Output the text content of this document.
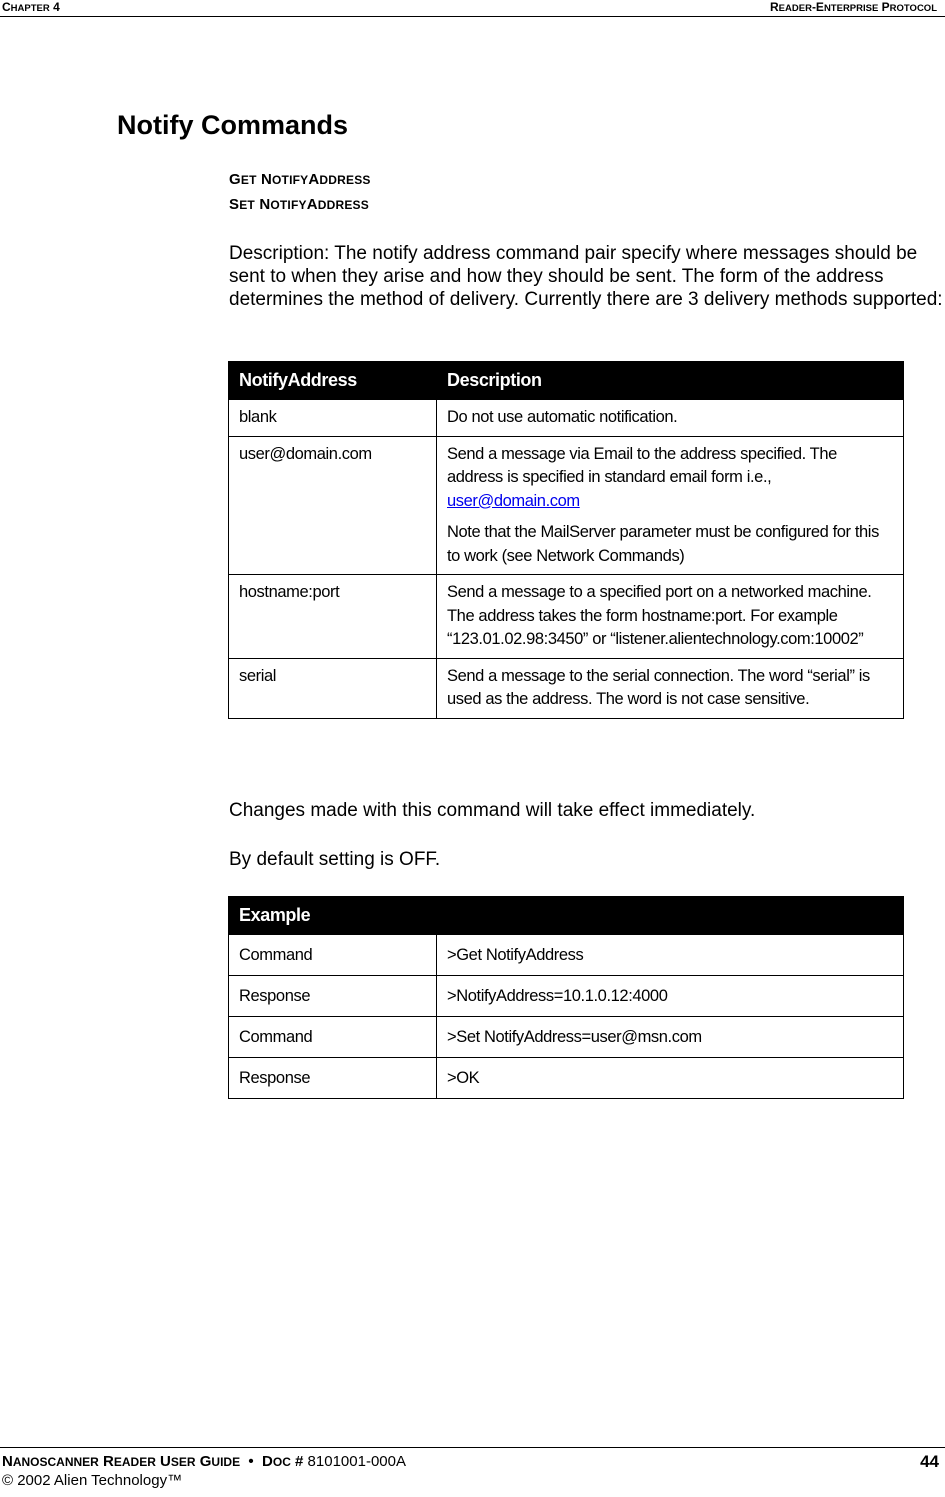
CHAPTER 4	READER-ENTERPRISE PROTOCOL
Notify Commands
GET NOTIFYADDRESS
SET NOTIFYADDRESS

Description: The notify address command pair specify where messages should be sent to when they arise and how they should be sent. The form of the address determines the method of delivery. Currently there are 3 delivery methods supported:

NotifyAddress	Description

blank	Do not use automatic notification.

user@domain.com	Send a message via Email to the address specified. The address is specified in standard email form i.e., user@domain.com

Note that the MailServer parameter must be configured for this to work (see Network Commands)

hostname:port	Send a message to a specified port on a networked machine. The address takes the form hostname:port. For example “123.01.02.98:3450” or “listener.alientechnology.com:10002”

serial	Send a message to the serial connection. The word “serial” is used as the address. The word is not case sensitive.

Changes made with this command will take effect immediately.

By default setting is OFF.

Example	
Command	>Get NotifyAddress
Response	>NotifyAddress=10.1.0.12:4000
Command	>Set NotifyAddress=user@msn.com
Response	>OK
NANOSCANNER READER USER GUIDE •  DOC # 8101001-000A
© 2002 Alien Technology™
44
